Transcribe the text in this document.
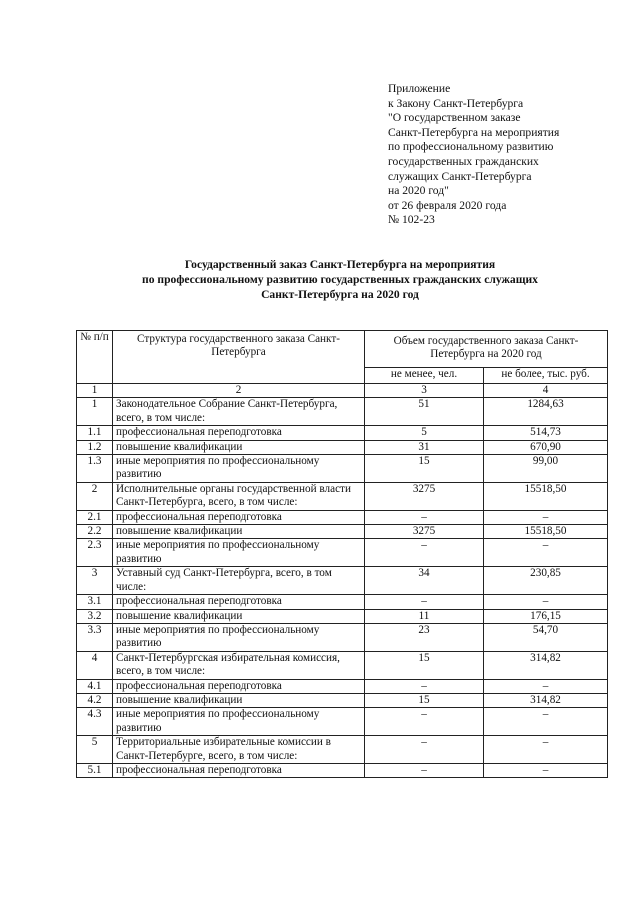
Приложение
к Закону Санкт-Петербурга
"О государственном заказе
Санкт-Петербурга на мероприятия
по профессиональному развитию
государственных гражданских
служащих Санкт-Петербурга
на 2020 год"
от 26 февраля 2020 года
№ 102-23
Государственный заказ Санкт-Петербурга на мероприятия
по профессиональному развитию государственных гражданских служащих
Санкт-Петербурга на 2020 год
№ п/п	Структура государственного заказа Санкт-Петербурга	Объем государственного заказа Санкт-Петербурга на 2020 год	
		не менее, чел.	не более, тыс. руб.
1	2	3	4
1	Законодательное Собрание Санкт-Петербурга, всего, в том числе:	51	1284,63
1.1	профессиональная переподготовка	5	514,73
1.2	повышение квалификации	31	670,90
1.3	иные мероприятия по профессиональному развитию	15	99,00
2	Исполнительные органы государственной власти Санкт-Петербурга, всего, в том числе:	3275	15518,50
2.1	профессиональная переподготовка	–	–
2.2	повышение квалификации	3275	15518,50
2.3	иные мероприятия по профессиональному развитию	–	–
3	Уставный суд Санкт-Петербурга, всего, в том числе:	34	230,85
3.1	профессиональная переподготовка	–	–
3.2	повышение квалификации	11	176,15
3.3	иные мероприятия по профессиональному развитию	23	54,70
4	Санкт-Петербургская избирательная комиссия, всего, в том числе:	15	314,82
4.1	профессиональная переподготовка	–	–
4.2	повышение квалификации	15	314,82
4.3	иные мероприятия по профессиональному развитию	–	–
5	Территориальные избирательные комиссии в Санкт-Петербурге, всего, в том числе:	–	–
5.1	профессиональная переподготовка	–	–
